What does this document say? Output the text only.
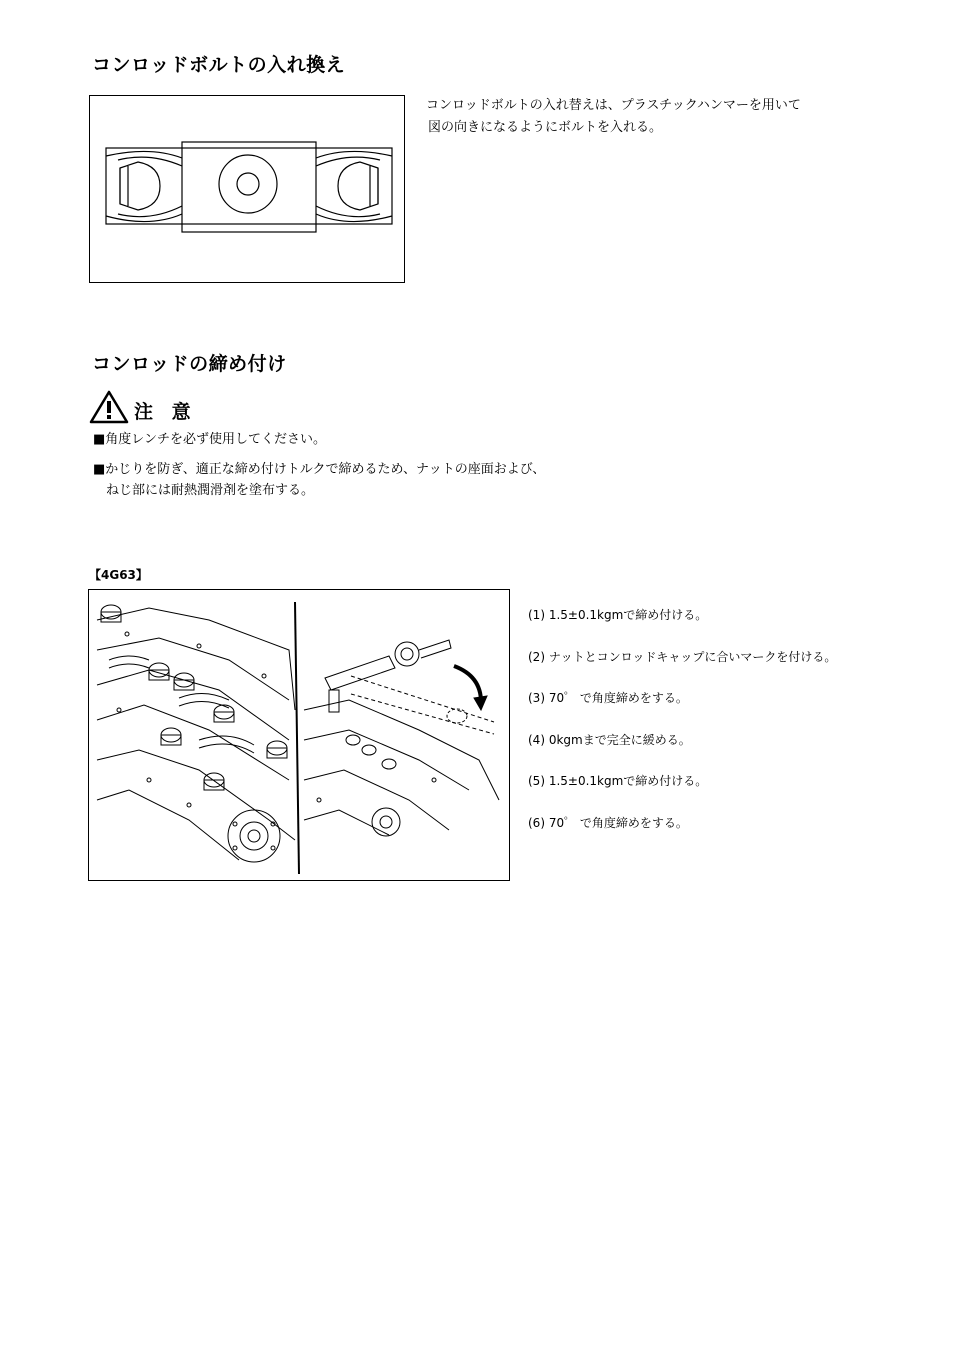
コンロッドボルトの入れ換え
コンロッドボルトの入れ替えは、プラスチックハンマーを用いて
図の向きになるようにボルトを入れる。
コンロッドの締め付け
注 意
■角度レンチを必ず使用してください。
■かじりを防ぎ、適正な締め付けトルクで締めるため、ナットの座面および、
ねじ部には耐熱潤滑剤を塗布する。
【4G63】
(1) 1.5±0.1kgmで締め付ける。
(2) ナットとコンロッドキャップに合いマークを付ける。
(3) 70゜ で角度締めをする。
(4) 0kgmまで完全に緩める。
(5) 1.5±0.1kgmで締め付ける。
(6) 70゜ で角度締めをする。
